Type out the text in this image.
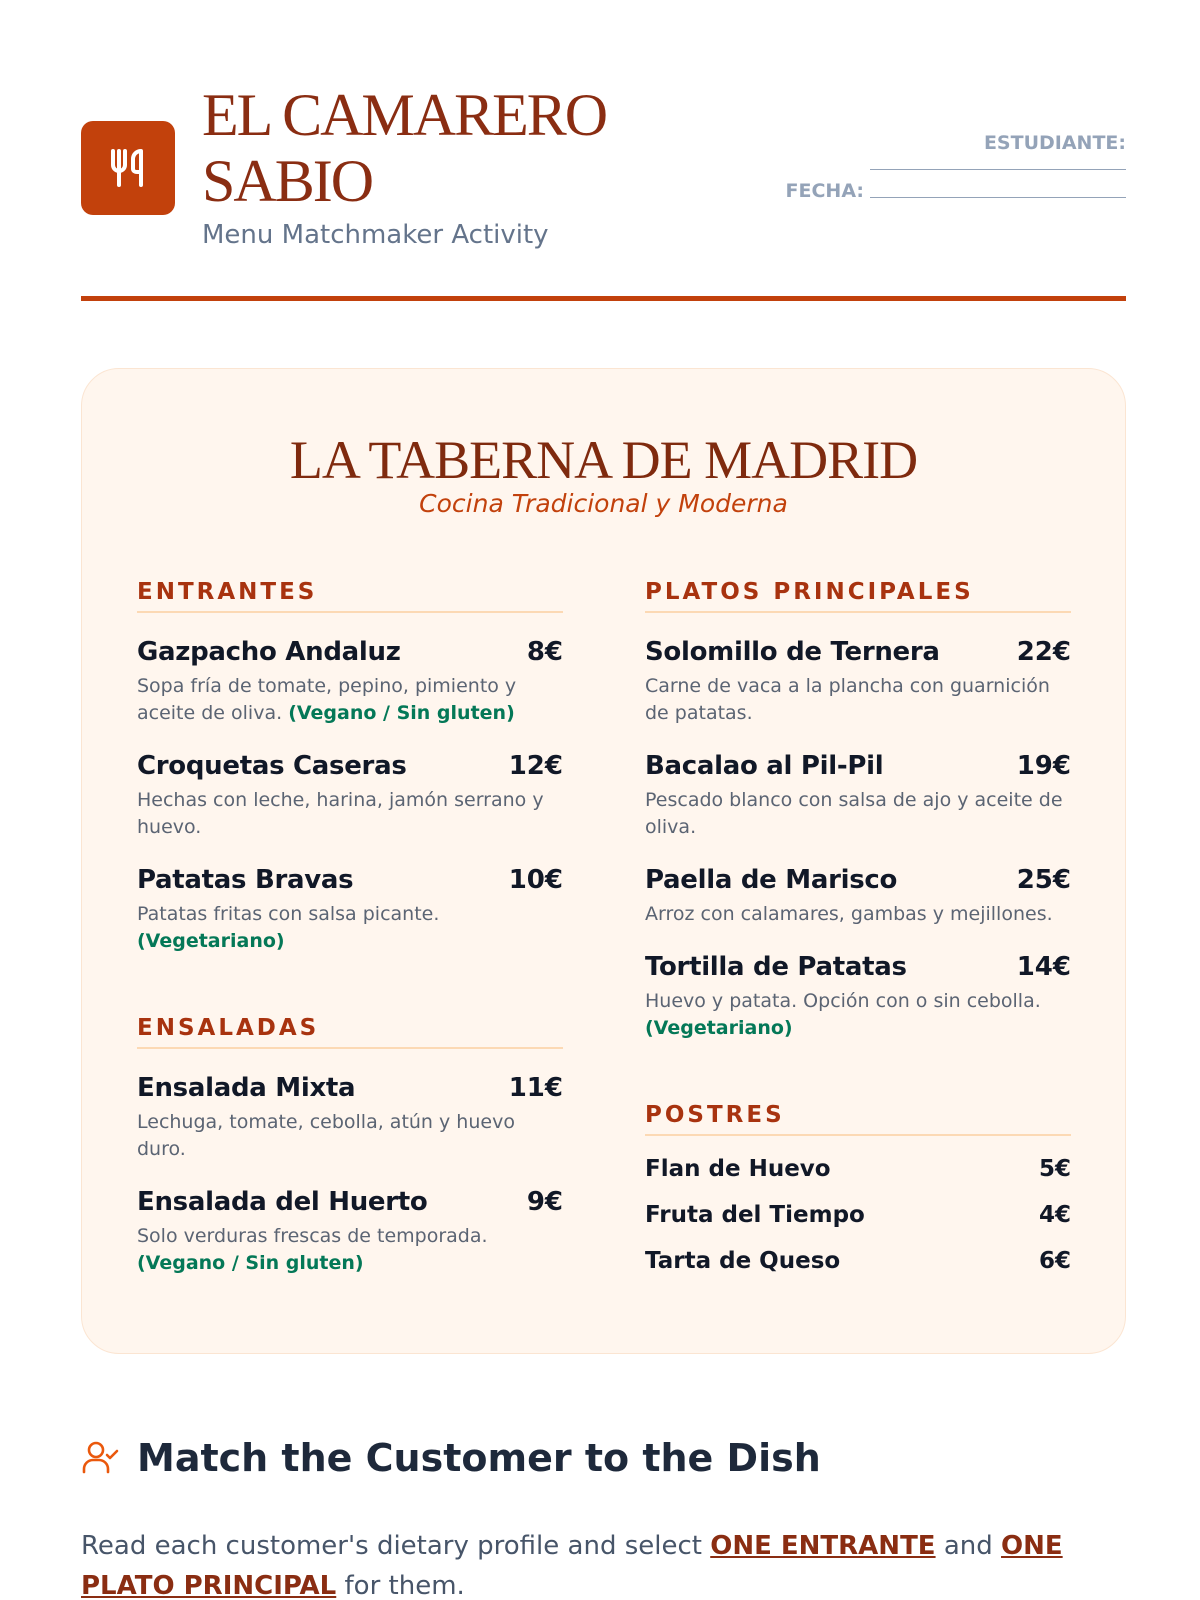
EL CAMARERO
SABIO
Menu Matchmaker Activity
ESTUDIANTE:
FECHA:
LA TABERNA DE MADRID
Cocina Tradicional y Moderna
ENTRANTES
Gazpacho Andaluz	8€
Sopa fría de tomate, pepino, pimiento y aceite de oliva. (Vegano / Sin gluten)
Croquetas Caseras	12€
Hechas con leche, harina, jamón serrano y huevo.
Patatas Bravas	10€
Patatas fritas con salsa picante.
(Vegetariano)
ENSALADAS
Ensalada Mixta	11€
Lechuga, tomate, cebolla, atún y huevo duro.
Ensalada del Huerto	9€
Solo verduras frescas de temporada.
(Vegano / Sin gluten)
PLATOS PRINCIPALES
Solomillo de Ternera	22€
Carne de vaca a la plancha con guarnición de patatas.
Bacalao al Pil-Pil	19€
Pescado blanco con salsa de ajo y aceite de oliva.
Paella de Marisco	25€
Arroz con calamares, gambas y mejillones.
Tortilla de Patatas	14€
Huevo y patata. Opción con o sin cebolla.
(Vegetariano)
POSTRES
Flan de Huevo	5€
Fruta del Tiempo	4€
Tarta de Queso	6€
Match the Customer to the Dish

Read each customer's dietary profile and select ONE ENTRANTE and ONE PLATO PRINCIPAL for them.
